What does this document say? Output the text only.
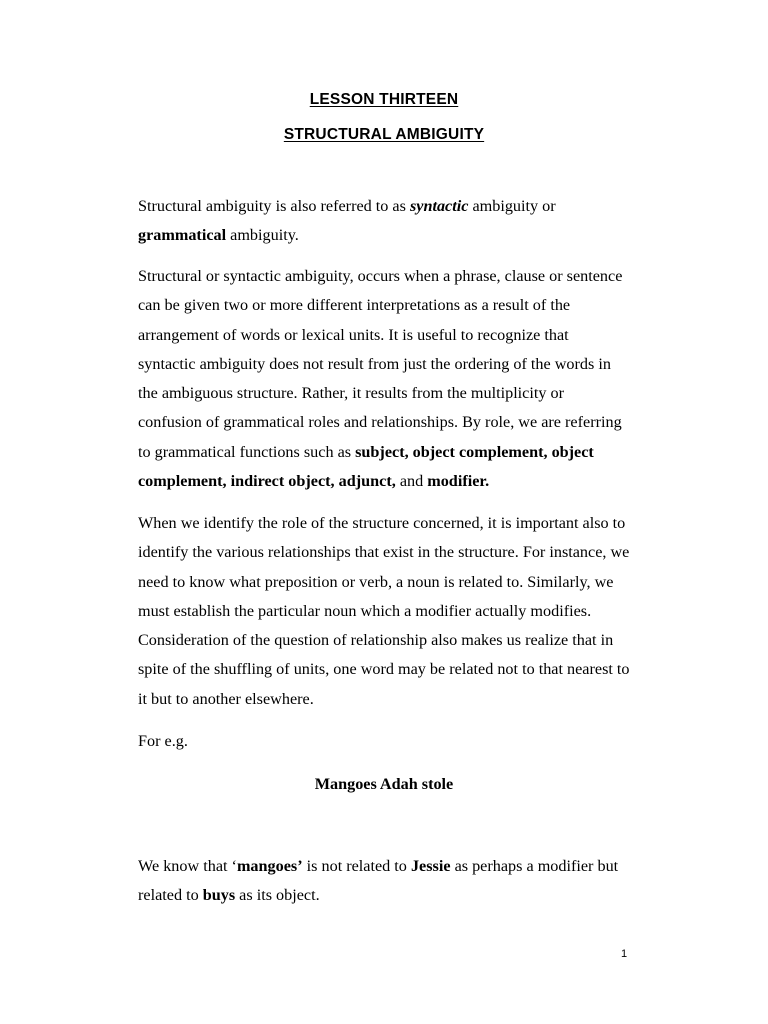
LESSON THIRTEEN
STRUCTURAL AMBIGUITY

Structural ambiguity is also referred to as syntactic ambiguity or
grammatical ambiguity.

Structural or syntactic ambiguity, occurs when a phrase, clause or sentence can be given two or more different interpretations as a result of the arrangement of words or lexical units. It is useful to recognize that syntactic ambiguity does not result from just the ordering of the words in the ambiguous structure. Rather, it results from the multiplicity or confusion of grammatical roles and relationships. By role, we are referring to grammatical functions such as subject, object complement, object complement, indirect object, adjunct, and modifier.

When we identify the role of the structure concerned, it is important also to identify the various relationships that exist in the structure. For instance, we need to know what preposition or verb, a noun is related to. Similarly, we must establish the particular noun which a modifier actually modifies. Consideration of the question of relationship also makes us realize that in spite of the shuffling of units, one word may be related not to that nearest to it but to another elsewhere.

For e.g.

Mangoes Adah stole

We know that ‘mangoes’ is not related to Jessie as perhaps a modifier but related to buys as its object.

1
